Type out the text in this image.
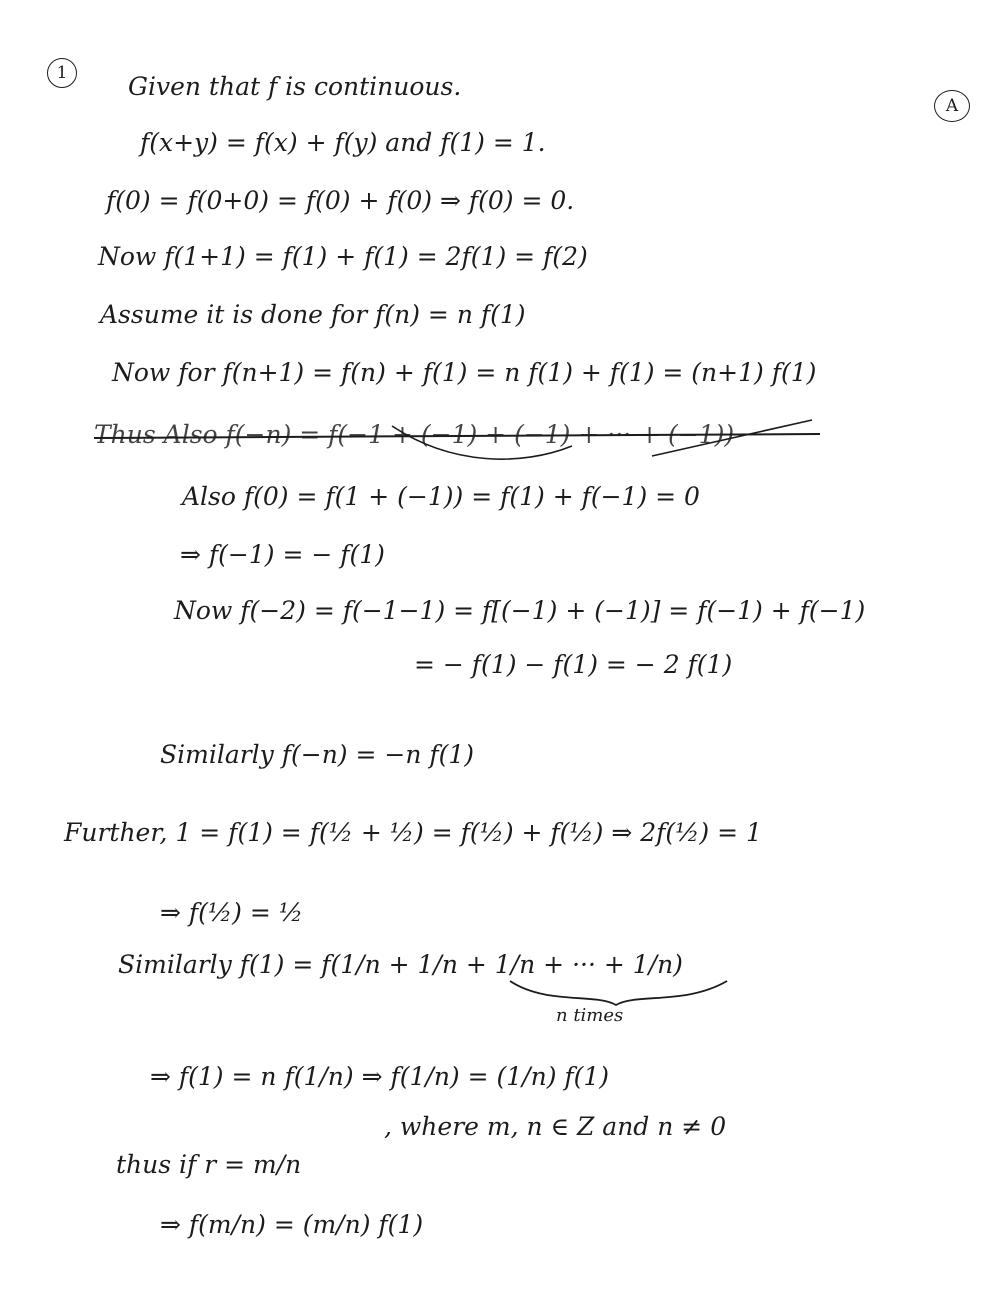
1
A
Given that f is continuous.
f(x+y) = f(x) + f(y) and f(1) = 1.
f(0) = f(0+0) = f(0) + f(0) ⇒ f(0) = 0.
Now f(1+1) = f(1) + f(1) = 2f(1) = f(2)
Assume it is done for f(n) = n f(1)
Now for f(n+1) = f(n) + f(1) = n f(1) + f(1) = (n+1) f(1)
Thus Also f(−n) = f(−1 + (−1) + (−1) + ··· + (−1))
Also f(0) = f(1 + (−1)) = f(1) + f(−1) = 0
⇒ f(−1) = − f(1)
Now f(−2) = f(−1−1) = f[(−1) + (−1)] = f(−1) + f(−1)
= − f(1) − f(1) = − 2 f(1)
Similarly f(−n) = −n f(1)
Further, 1 = f(1) = f(½ + ½) = f(½) + f(½) ⇒ 2f(½) = 1
⇒ f(½) = ½
Similarly f(1) = f(1/n + 1/n + 1/n + ··· + 1/n)
n times
⇒ f(1) = n f(1/n) ⇒ f(1/n) = (1/n) f(1)
, where m, n ∈ Z and n ≠ 0
thus if r = m/n
⇒ f(m/n) = (m/n) f(1)
